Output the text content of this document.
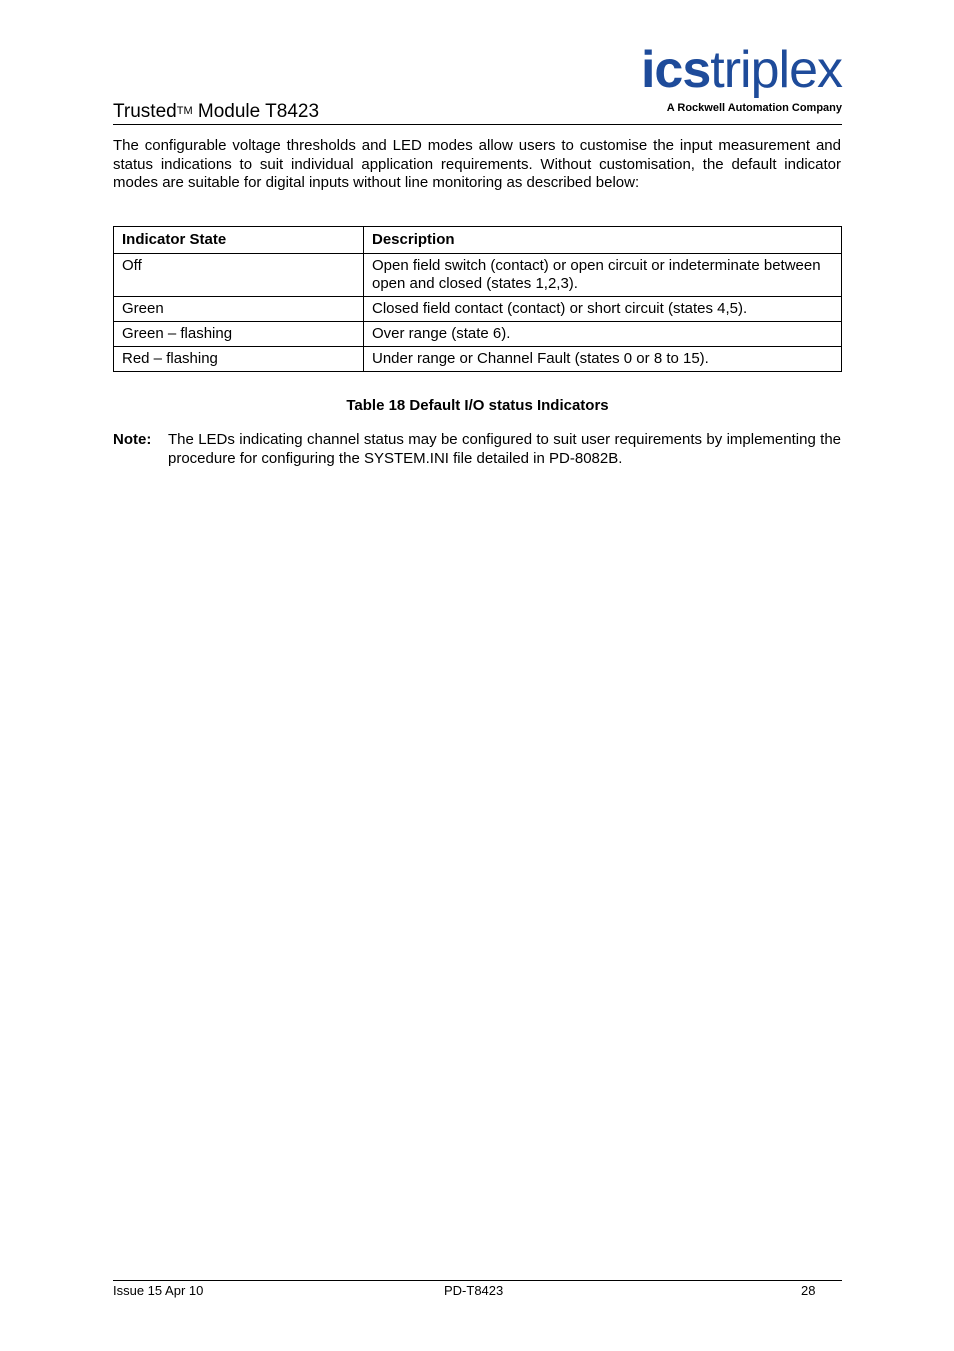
Trusted™ Module T8423
icstriplex
A Rockwell Automation Company

The configurable voltage thresholds and LED modes allow users to customise the input measurement and status indications to suit individual application requirements. Without customisation, the default indicator modes are suitable for digital inputs without line monitoring as described below:

Indicator State	Description
Off	Open field switch (contact) or open circuit or indeterminate between open and closed (states 1,2,3).
Green	Closed field contact (contact) or short circuit (states 4,5).
Green – flashing	Over range (state 6).
Red – flashing	Under range or Channel Fault (states 0 or 8 to 15).
Table 18 Default I/O status Indicators
Note: The LEDs indicating channel status may be configured to suit user requirements by implementing the procedure for configuring the SYSTEM.INI file detailed in PD-8082B.
Issue 15 Apr 10	PD-T8423	28
